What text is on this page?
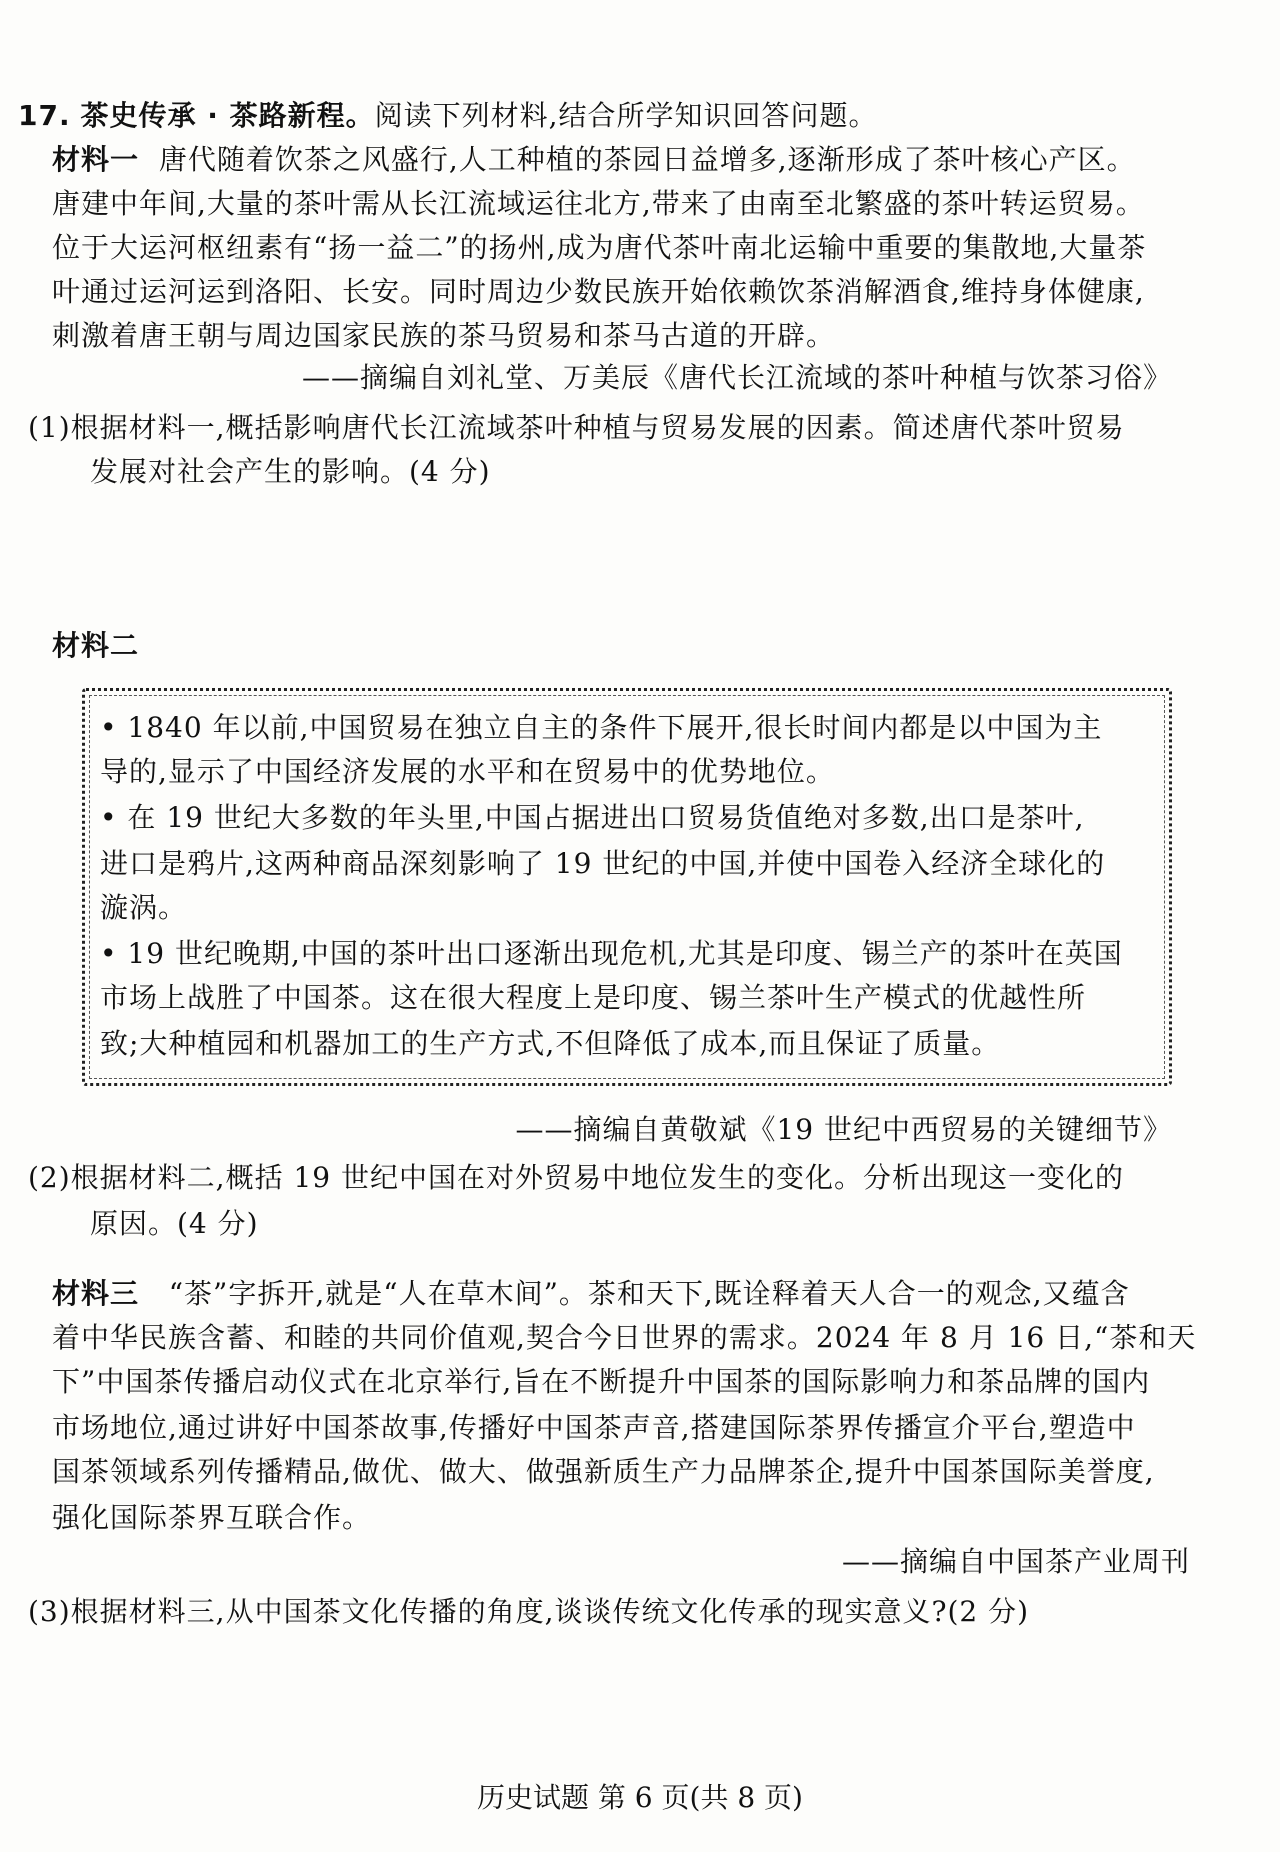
17. 茶史传承 · 茶路新程。阅读下列材料,结合所学知识回答问题。
材料一 唐代随着饮茶之风盛行,人工种植的茶园日益增多,逐渐形成了茶叶核心产区。
唐建中年间,大量的茶叶需从长江流域运往北方,带来了由南至北繁盛的茶叶转运贸易。
位于大运河枢纽素有“扬一益二”的扬州,成为唐代茶叶南北运输中重要的集散地,大量茶
叶通过运河运到洛阳、长安。同时周边少数民族开始依赖饮茶消解酒食,维持身体健康,
刺激着唐王朝与周边国家民族的茶马贸易和茶马古道的开辟。
——摘编自刘礼堂、万美辰《唐代长江流域的茶叶种植与饮茶习俗》
(1)根据材料一,概括影响唐代长江流域茶叶种植与贸易发展的因素。简述唐代茶叶贸易
发展对社会产生的影响。(4 分)
材料二
• 1840 年以前,中国贸易在独立自主的条件下展开,很长时间内都是以中国为主
导的,显示了中国经济发展的水平和在贸易中的优势地位。
• 在 19 世纪大多数的年头里,中国占据进出口贸易货值绝对多数,出口是茶叶,
进口是鸦片,这两种商品深刻影响了 19 世纪的中国,并使中国卷入经济全球化的
漩涡。
• 19 世纪晚期,中国的茶叶出口逐渐出现危机,尤其是印度、锡兰产的茶叶在英国
市场上战胜了中国茶。这在很大程度上是印度、锡兰茶叶生产模式的优越性所
致;大种植园和机器加工的生产方式,不但降低了成本,而且保证了质量。
——摘编自黄敬斌《19 世纪中西贸易的关键细节》
(2)根据材料二,概括 19 世纪中国在对外贸易中地位发生的变化。分析出现这一变化的
原因。(4 分)
材料三 “茶”字拆开,就是“人在草木间”。茶和天下,既诠释着天人合一的观念,又蕴含
着中华民族含蓄、和睦的共同价值观,契合今日世界的需求。2024 年 8 月 16 日,“茶和天
下”中国茶传播启动仪式在北京举行,旨在不断提升中国茶的国际影响力和茶品牌的国内
市场地位,通过讲好中国茶故事,传播好中国茶声音,搭建国际茶界传播宣介平台,塑造中
国茶领域系列传播精品,做优、做大、做强新质生产力品牌茶企,提升中国茶国际美誉度,
强化国际茶界互联合作。
——摘编自中国茶产业周刊
(3)根据材料三,从中国茶文化传播的角度,谈谈传统文化传承的现实意义?(2 分)
历史试题 第 6 页(共 8 页)
